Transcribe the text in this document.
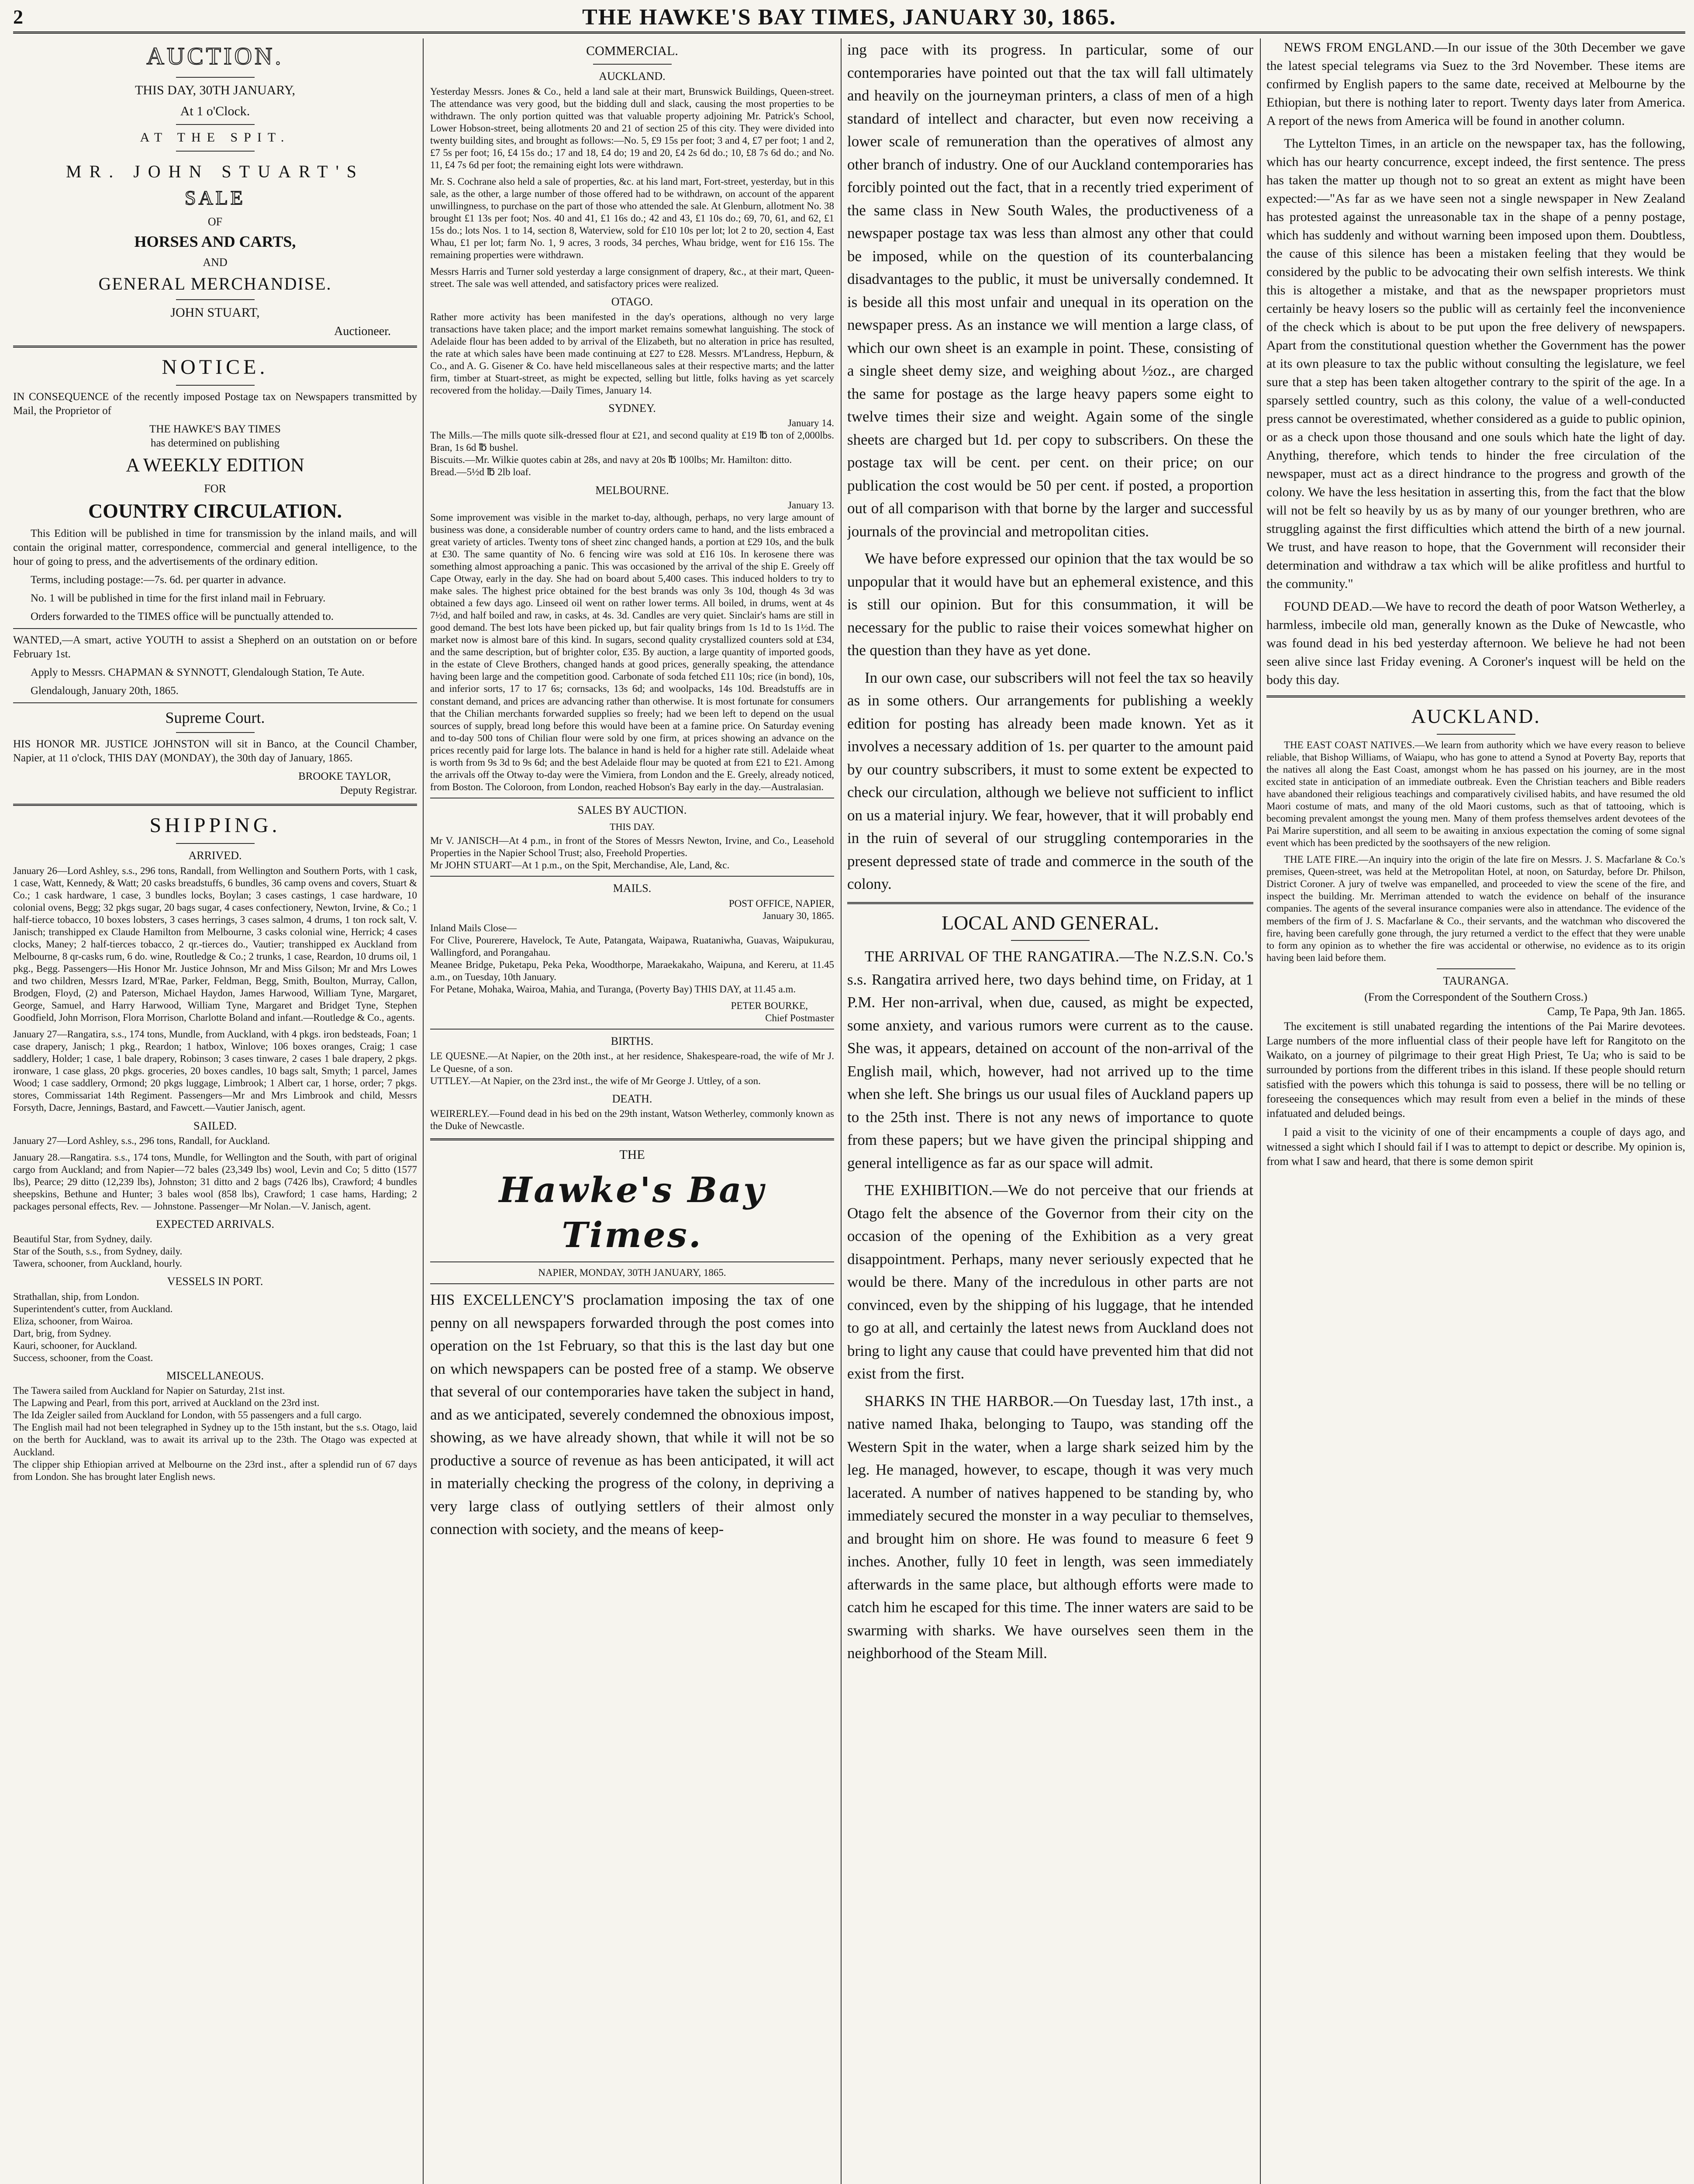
2	THE HAWKE'S BAY TIMES, JANUARY 30, 1865.
AUCTION.
THIS DAY, 30TH JANUARY,
At 1 o'Clock.
AT THE SPIT.
MR. JOHN STUART'S
SALE
OF
HORSES AND CARTS,
AND
GENERAL MERCHANDISE.
JOHN STUART,
Auctioneer.
NOTICE.

IN CONSEQUENCE of the recently imposed Postage tax on Newspapers transmitted by Mail, the Proprietor of

THE HAWKE'S BAY TIMES
has determined on publishing
A WEEKLY EDITION
FOR
COUNTRY CIRCULATION.

This Edition will be published in time for transmission by the inland mails, and will contain the original matter, correspondence, commercial and general intelligence, to the hour of going to press, and the advertisements of the ordinary edition.

Terms, including postage:—7s. 6d. per quarter in advance.

No. 1 will be published in time for the first inland mail in February.

Orders forwarded to the TIMES office will be punctually attended to.

WANTED,—A smart, active YOUTH to assist a Shepherd on an outstation on or before February 1st.

Apply to Messrs. CHAPMAN & SYNNOTT, Glendalough Station, Te Aute.

Glendalough, January 20th, 1865.

Supreme Court.

HIS HONOR MR. JUSTICE JOHNSTON will sit in Banco, at the Council Chamber, Napier, at 11 o'clock, THIS DAY (MONDAY), the 30th day of January, 1865.

BROOKE TAYLOR,
Deputy Registrar.
SHIPPING.
ARRIVED.

January 26—Lord Ashley, s.s., 296 tons, Randall, from Wellington and Southern Ports, with 1 cask, 1 case, Watt, Kennedy, & Watt; 20 casks breadstuffs, 6 bundles, 36 camp ovens and covers, Stuart & Co.; 1 cask hardware, 1 case, 3 bundles locks, Boylan; 3 cases castings, 1 case hardware, 10 colonial ovens, Begg; 32 pkgs sugar, 20 bags sugar, 4 cases confectionery, Newton, Irvine, & Co.; 1 half-tierce tobacco, 10 boxes lobsters, 3 cases herrings, 3 cases salmon, 4 drums, 1 ton rock salt, V. Janisch; transhipped ex Claude Hamilton from Melbourne, 3 casks colonial wine, Herrick; 4 cases clocks, Maney; 2 half-tierces tobacco, 2 qr.-tierces do., Vautier; transhipped ex Auckland from Melbourne, 8 qr-casks rum, 6 do. wine, Routledge & Co.; 2 trunks, 1 case, Reardon, 10 drums oil, 1 pkg., Begg. Passengers—His Honor Mr. Justice Johnson, Mr and Miss Gilson; Mr and Mrs Lowes and two children, Messrs Izard, M'Rae, Parker, Feldman, Begg, Smith, Boulton, Murray, Callon, Brodgen, Floyd, (2) and Paterson, Michael Haydon, James Harwood, William Tyne, Margaret, George, Samuel, and Harry Harwood, William Tyne, Margaret and Bridget Tyne, Stephen Goodfield, John Morrison, Flora Morrison, Charlotte Boland and infant.—Routledge & Co., agents.

January 27—Rangatira, s.s., 174 tons, Mundle, from Auckland, with 4 pkgs. iron bedsteads, Foan; 1 case drapery, Janisch; 1 pkg., Reardon; 1 hatbox, Winlove; 106 boxes oranges, Craig; 1 case saddlery, Holder; 1 case, 1 bale drapery, Robinson; 3 cases tinware, 2 cases 1 bale drapery, 2 pkgs. ironware, 1 case glass, 20 pkgs. groceries, 20 boxes candles, 10 bags salt, Smyth; 1 parcel, James Wood; 1 case saddlery, Ormond; 20 pkgs luggage, Limbrook; 1 Albert car, 1 horse, order; 7 pkgs. stores, Commissariat 14th Regiment. Passengers—Mr and Mrs Limbrook and child, Messrs Forsyth, Dacre, Jennings, Bastard, and Fawcett.—Vautier Janisch, agent.

SAILED.

January 27—Lord Ashley, s.s., 296 tons, Randall, for Auckland.

January 28.—Rangatira. s.s., 174 tons, Mundle, for Wellington and the South, with part of original cargo from Auckland; and from Napier—72 bales (23,349 lbs) wool, Levin and Co; 5 ditto (1577 lbs), Pearce; 29 ditto (12,239 lbs), Johnston; 31 ditto and 2 bags (7426 lbs), Crawford; 4 bundles sheepskins, Bethune and Hunter; 3 bales wool (858 lbs), Crawford; 1 case hams, Harding; 2 packages personal effects, Rev. — Johnstone. Passenger—Mr Nolan.—V. Janisch, agent.

EXPECTED ARRIVALS.

Beautiful Star, from Sydney, daily.
Star of the South, s.s., from Sydney, daily.
Tawera, schooner, from Auckland, hourly.

VESSELS IN PORT.

Strathallan, ship, from London.
Superintendent's cutter, from Auckland.
Eliza, schooner, from Wairoa.
Dart, brig, from Sydney.
Kauri, schooner, for Auckland.
Success, schooner, from the Coast.

MISCELLANEOUS.

The Tawera sailed from Auckland for Napier on Saturday, 21st inst.
The Lapwing and Pearl, from this port, arrived at Auckland on the 23rd inst.
The Ida Zeigler sailed from Auckland for London, with 55 passengers and a full cargo.
The English mail had not been telegraphed in Sydney up to the 15th instant, but the s.s. Otago, laid on the berth for Auckland, was to await its arrival up to the 23th. The Otago was expected at Auckland.
The clipper ship Ethiopian arrived at Melbourne on the 23rd inst., after a splendid run of 67 days from London. She has brought later English news.

COMMERCIAL.
AUCKLAND.

Yesterday Messrs. Jones & Co., held a land sale at their mart, Brunswick Buildings, Queen-street. The attendance was very good, but the bidding dull and slack, causing the most properties to be withdrawn. The only portion quitted was that valuable property adjoining Mr. Patrick's School, Lower Hobson-street, being allotments 20 and 21 of section 25 of this city. They were divided into twenty building sites, and brought as follows:—No. 5, £9 15s per foot; 3 and 4, £7 per foot; 1 and 2, £7 5s per foot; 16, £4 15s do.; 17 and 18, £4 do; 19 and 20, £4 2s 6d do.; 10, £8 7s 6d do.; and No. 11, £4 7s 6d per foot; the remaining eight lots were withdrawn.

Mr. S. Cochrane also held a sale of properties, &c. at his land mart, Fort-street, yesterday, but in this sale, as the other, a large number of those offered had to be withdrawn, on account of the apparent unwillingness, to purchase on the part of those who attended the sale. At Glenburn, allotment No. 38 brought £1 13s per foot; Nos. 40 and 41, £1 16s do.; 42 and 43, £1 10s do.; 69, 70, 61, and 62, £1 15s do.; lots Nos. 1 to 14, section 8, Waterview, sold for £10 10s per lot; lot 2 to 20, section 4, East Whau, £1 per lot; farm No. 1, 9 acres, 3 roods, 34 perches, Whau bridge, went for £16 15s. The remaining properties were withdrawn.

Messrs Harris and Turner sold yesterday a large consignment of drapery, &c., at their mart, Queen-street. The sale was well attended, and satisfactory prices were realized.

OTAGO.

Rather more activity has been manifested in the day's operations, although no very large transactions have taken place; and the import market remains somewhat languishing. The stock of Adelaide flour has been added to by arrival of the Elizabeth, but no alteration in price has resulted, the rate at which sales have been made continuing at £27 to £28. Messrs. M'Landress, Hepburn, & Co., and A. G. Gisener & Co. have held miscellaneous sales at their respective marts; and the latter firm, timber at Stuart-street, as might be expected, selling but little, folks having as yet scarcely recovered from the holiday.—Daily Times, January 14.

SYDNEY.
January 14.

The Mills.—The mills quote silk-dressed flour at £21, and second quality at £19 ℔ ton of 2,000lbs. Bran, 1s 6d ℔ bushel.
Biscuits.—Mr. Wilkie quotes cabin at 28s, and navy at 20s ℔ 100lbs; Mr. Hamilton: ditto.
Bread.—5½d ℔ 2lb loaf.

MELBOURNE.
January 13.

Some improvement was visible in the market to-day, although, perhaps, no very large amount of business was done, a considerable number of country orders came to hand, and the lists embraced a great variety of articles. Twenty tons of sheet zinc changed hands, a portion at £29 10s, and the bulk at £30. The same quantity of No. 6 fencing wire was sold at £16 10s. In kerosene there was something almost approaching a panic. This was occasioned by the arrival of the ship E. Greely off Cape Otway, early in the day. She had on board about 5,400 cases. This induced holders to try to make sales. The highest price obtained for the best brands was only 3s 10d, though 4s 3d was obtained a few days ago. Linseed oil went on rather lower terms. All boiled, in drums, went at 4s 7½d, and half boiled and raw, in casks, at 4s. 3d. Candles are very quiet. Sinclair's hams are still in good demand. The best lots have been picked up, but fair quality brings from 1s 1d to 1s 1½d. The market now is almost bare of this kind. In sugars, second quality crystallized counters sold at £34, and the same description, but of brighter color, £35. By auction, a large quantity of imported goods, in the estate of Cleve Brothers, changed hands at good prices, generally speaking, the attendance having been large and the competition good. Carbonate of soda fetched £11 10s; rice (in bond), 10s, and inferior sorts, 17 to 17 6s; cornsacks, 13s 6d; and woolpacks, 14s 10d. Breadstuffs are in constant demand, and prices are advancing rather than otherwise. It is most fortunate for consumers that the Chilian merchants forwarded supplies so freely; had we been left to depend on the usual sources of supply, bread long before this would have been at a famine price. On Saturday evening and to-day 500 tons of Chilian flour were sold by one firm, at prices showing an advance on the prices recently paid for large lots. The balance in hand is held for a higher rate still. Adelaide wheat is worth from 9s 3d to 9s 6d; and the best Adelaide flour may be quoted at from £21 to £21. Among the arrivals off the Otway to-day were the Vimiera, from London and the E. Greely, already noticed, from Boston. The Coloroon, from London, reached Hobson's Bay early in the day.—Australasian.

SALES BY AUCTION.
THIS DAY.

Mr V. JANISCH—At 4 p.m., in front of the Stores of Messrs Newton, Irvine, and Co., Leasehold Properties in the Napier School Trust; also, Freehold Properties.
Mr JOHN STUART—At 1 p.m., on the Spit, Merchandise, Ale, Land, &c.

MAILS.
POST OFFICE, NAPIER,
January 30, 1865.

Inland Mails Close—
For Clive, Pourerere, Havelock, Te Aute, Patangata, Waipawa, Ruataniwha, Guavas, Waipukurau, Wallingford, and Porangahau.
Meanee Bridge, Puketapu, Peka Peka, Woodthorpe, Maraekakaho, Waipuna, and Kereru, at 11.45 a.m., on Tuesday, 10th January.
For Petane, Mohaka, Wairoa, Mahia, and Turanga, (Poverty Bay) THIS DAY, at 11.45 a.m.

PETER BOURKE,
Chief Postmaster
BIRTHS.

LE QUESNE.—At Napier, on the 20th inst., at her residence, Shakespeare-road, the wife of Mr J. Le Quesne, of a son.
UTTLEY.—At Napier, on the 23rd inst., the wife of Mr George J. Uttley, of a son.

DEATH.

WEIRERLEY.—Found dead in his bed on the 29th instant, Watson Wetherley, commonly known as the Duke of Newcastle.

THE
Hawke's Bay Times.
NAPIER, MONDAY, 30TH JANUARY, 1865.

HIS EXCELLENCY'S proclamation imposing the tax of one penny on all newspapers forwarded through the post comes into operation on the 1st February, so that this is the last day but one on which newspapers can be posted free of a stamp. We observe that several of our contemporaries have taken the subject in hand, and as we anticipated, severely condemned the obnoxious impost, showing, as we have already shown, that while it will not be so productive a source of revenue as has been anticipated, it will act in materially checking the progress of the colony, in depriving a very large class of outlying settlers of their almost only connection with society, and the means of keep-

ing pace with its progress. In particular, some of our contemporaries have pointed out that the tax will fall ultimately and heavily on the journeyman printers, a class of men of a high standard of intellect and character, but even now receiving a lower scale of remuneration than the operatives of almost any other branch of industry. One of our Auckland contemporaries has forcibly pointed out the fact, that in a recently tried experiment of the same class in New South Wales, the productiveness of a newspaper postage tax was less than almost any other that could be imposed, while on the question of its counterbalancing disadvantages to the public, it must be universally condemned. It is beside all this most unfair and unequal in its operation on the newspaper press. As an instance we will mention a large class, of which our own sheet is an example in point. These, consisting of a single sheet demy size, and weighing about ½oz., are charged the same for postage as the large heavy papers some eight to twelve times their size and weight. Again some of the single sheets are charged but 1d. per copy to subscribers. On these the postage tax will be cent. per cent. on their price; on our publication the cost would be 50 per cent. if posted, a proportion out of all comparison with that borne by the larger and successful journals of the provincial and metropolitan cities.

We have before expressed our opinion that the tax would be so unpopular that it would have but an ephemeral existence, and this is still our opinion. But for this consummation, it will be necessary for the public to raise their voices somewhat higher on the question than they have as yet done.

In our own case, our subscribers will not feel the tax so heavily as in some others. Our arrangements for publishing a weekly edition for posting has already been made known. Yet as it involves a necessary addition of 1s. per quarter to the amount paid by our country subscribers, it must to some extent be expected to check our circulation, although we believe not sufficient to inflict on us a material injury. We fear, however, that it will probably end in the ruin of several of our struggling contemporaries in the present depressed state of trade and commerce in the south of the colony.

LOCAL AND GENERAL.

THE ARRIVAL OF THE RANGATIRA.—The N.Z.S.N. Co.'s s.s. Rangatira arrived here, two days behind time, on Friday, at 1 P.M. Her non-arrival, when due, caused, as might be expected, some anxiety, and various rumors were current as to the cause. She was, it appears, detained on account of the non-arrival of the English mail, which, however, had not arrived up to the time when she left. She brings us our usual files of Auckland papers up to the 25th inst. There is not any news of importance to quote from these papers; but we have given the principal shipping and general intelligence as far as our space will admit.

THE EXHIBITION.—We do not perceive that our friends at Otago felt the absence of the Governor from their city on the occasion of the opening of the Exhibition as a very great disappointment. Perhaps, many never seriously expected that he would be there. Many of the incredulous in other parts are not convinced, even by the shipping of his luggage, that he intended to go at all, and certainly the latest news from Auckland does not bring to light any cause that could have prevented him that did not exist from the first.

SHARKS IN THE HARBOR.—On Tuesday last, 17th inst., a native named Ihaka, belonging to Taupo, was standing off the Western Spit in the water, when a large shark seized him by the leg. He managed, however, to escape, though it was very much lacerated. A number of natives happened to be standing by, who immediately secured the monster in a way peculiar to themselves, and brought him on shore. He was found to measure 6 feet 9 inches. Another, fully 10 feet in length, was seen immediately afterwards in the same place, but although efforts were made to catch him he escaped for this time. The inner waters are said to be swarming with sharks. We have ourselves seen them in the neighborhood of the Steam Mill.

NEWS FROM ENGLAND.—In our issue of the 30th December we gave the latest special telegrams via Suez to the 3rd November. These items are confirmed by English papers to the same date, received at Melbourne by the Ethiopian, but there is nothing later to report. Twenty days later from America. A report of the news from America will be found in another column.

The Lyttelton Times, in an article on the newspaper tax, has the following, which has our hearty concurrence, except indeed, the first sentence. The press has taken the matter up though not to so great an extent as might have been expected:—"As far as we have seen not a single newspaper in New Zealand has protested against the unreasonable tax in the shape of a penny postage, which has suddenly and without warning been imposed upon them. Doubtless, the cause of this silence has been a mistaken feeling that they would be considered by the public to be advocating their own selfish interests. We think this is altogether a mistake, and that as the newspaper proprietors must certainly be heavy losers so the public will as certainly feel the inconvenience of the check which is about to be put upon the free delivery of newspapers. Apart from the constitutional question whether the Government has the power at its own pleasure to tax the public without consulting the legislature, we feel sure that a step has been taken altogether contrary to the spirit of the age. In a sparsely settled country, such as this colony, the value of a well-conducted press cannot be overestimated, whether considered as a guide to public opinion, or as a check upon those thousand and one souls which hate the light of day. Anything, therefore, which tends to hinder the free circulation of the newspaper, must act as a direct hindrance to the progress and growth of the colony. We have the less hesitation in asserting this, from the fact that the blow will not be felt so heavily by us as by many of our younger brethren, who are struggling against the first difficulties which attend the birth of a new journal. We trust, and have reason to hope, that the Government will reconsider their determination and withdraw a tax which will be alike profitless and hurtful to the community."

FOUND DEAD.—We have to record the death of poor Watson Wetherley, a harmless, imbecile old man, generally known as the Duke of Newcastle, who was found dead in his bed yesterday afternoon. We believe he had not been seen alive since last Friday evening. A Coroner's inquest will be held on the body this day.

AUCKLAND.

THE EAST COAST NATIVES.—We learn from authority which we have every reason to believe reliable, that Bishop Williams, of Waiapu, who has gone to attend a Synod at Poverty Bay, reports that the natives all along the East Coast, amongst whom he has passed on his journey, are in the most excited state in anticipation of an immediate outbreak. Even the Christian teachers and Bible readers have abandoned their religious teachings and comparatively civilised habits, and have resumed the old Maori costume of mats, and many of the old Maori customs, such as that of tattooing, which is becoming prevalent amongst the young men. Many of them profess themselves ardent devotees of the Pai Marire superstition, and all seem to be awaiting in anxious expectation the coming of some signal event which has been predicted by the soothsayers of the new religion.

THE LATE FIRE.—An inquiry into the origin of the late fire on Messrs. J. S. Macfarlane & Co.'s premises, Queen-street, was held at the Metropolitan Hotel, at noon, on Saturday, before Dr. Philson, District Coroner. A jury of twelve was empanelled, and proceeded to view the scene of the fire, and inspect the building. Mr. Merriman attended to watch the evidence on behalf of the insurance companies. The agents of the several insurance companies were also in attendance. The evidence of the members of the firm of J. S. Macfarlane & Co., their servants, and the watchman who discovered the fire, having been carefully gone through, the jury returned a verdict to the effect that they were unable to form any opinion as to whether the fire was accidental or otherwise, no evidence as to its origin having been laid before them.

TAURANGA.
(From the Correspondent of the Southern Cross.)
Camp, Te Papa, 9th Jan. 1865.

The excitement is still unabated regarding the intentions of the Pai Marire devotees. Large numbers of the more influential class of their people have left for Rangitoto on the Waikato, on a journey of pilgrimage to their great High Priest, Te Ua; who is said to be surrounded by portions from the different tribes in this island. If these people should return satisfied with the powers which this tohunga is said to possess, there will be no telling or foreseeing the consequences which may result from even a belief in the minds of these infatuated and deluded beings.

I paid a visit to the vicinity of one of their encampments a couple of days ago, and witnessed a sight which I should fail if I was to attempt to depict or describe. My opinion is, from what I saw and heard, that there is some demon spirit
